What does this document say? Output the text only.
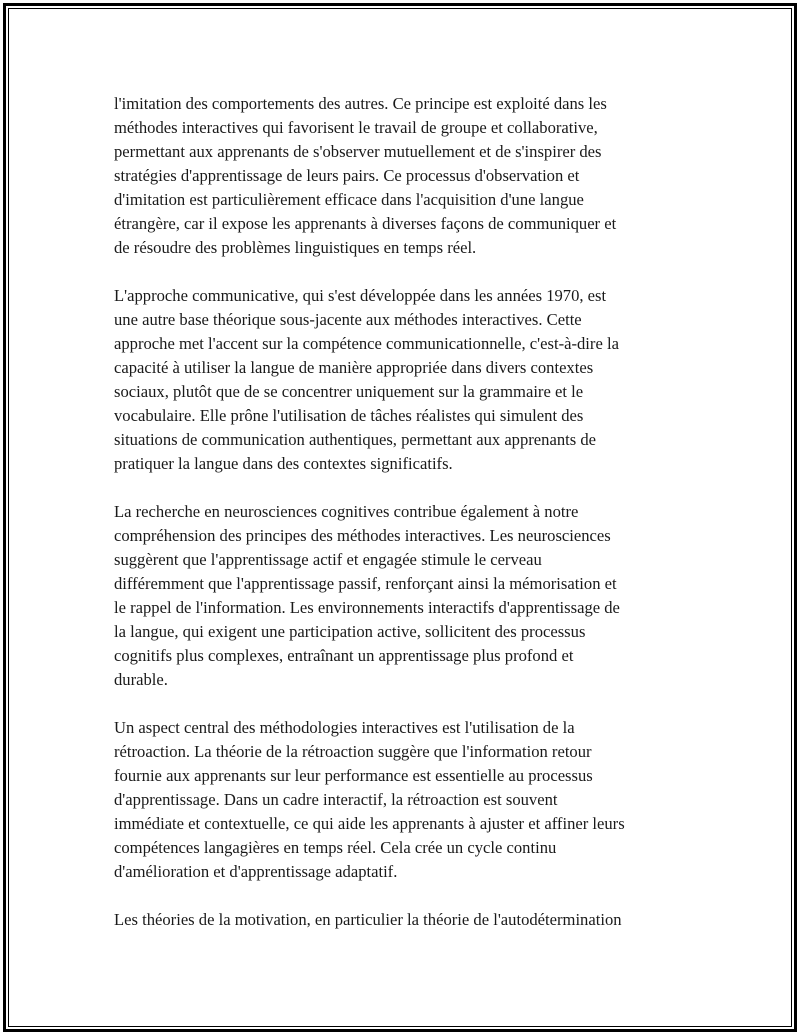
l'imitation des comportements des autres. Ce principe est exploité dans les
méthodes interactives qui favorisent le travail de groupe et collaborative,
permettant aux apprenants de s'observer mutuellement et de s'inspirer des
stratégies d'apprentissage de leurs pairs. Ce processus d'observation et
d'imitation est particulièrement efficace dans l'acquisition d'une langue
étrangère, car il expose les apprenants à diverses façons de communiquer et
de résoudre des problèmes linguistiques en temps réel.

L'approche communicative, qui s'est développée dans les années 1970, est
une autre base théorique sous-jacente aux méthodes interactives. Cette
approche met l'accent sur la compétence communicationnelle, c'est-à-dire la
capacité à utiliser la langue de manière appropriée dans divers contextes
sociaux, plutôt que de se concentrer uniquement sur la grammaire et le
vocabulaire. Elle prône l'utilisation de tâches réalistes qui simulent des
situations de communication authentiques, permettant aux apprenants de
pratiquer la langue dans des contextes significatifs.

La recherche en neurosciences cognitives contribue également à notre
compréhension des principes des méthodes interactives. Les neurosciences
suggèrent que l'apprentissage actif et engagée stimule le cerveau
différemment que l'apprentissage passif, renforçant ainsi la mémorisation et
le rappel de l'information. Les environnements interactifs d'apprentissage de
la langue, qui exigent une participation active, sollicitent des processus
cognitifs plus complexes, entraînant un apprentissage plus profond et
durable.

Un aspect central des méthodologies interactives est l'utilisation de la
rétroaction. La théorie de la rétroaction suggère que l'information retour
fournie aux apprenants sur leur performance est essentielle au processus
d'apprentissage. Dans un cadre interactif, la rétroaction est souvent
immédiate et contextuelle, ce qui aide les apprenants à ajuster et affiner leurs
compétences langagières en temps réel. Cela crée un cycle continu
d'amélioration et d'apprentissage adaptatif.

Les théories de la motivation, en particulier la théorie de l'autodétermination
